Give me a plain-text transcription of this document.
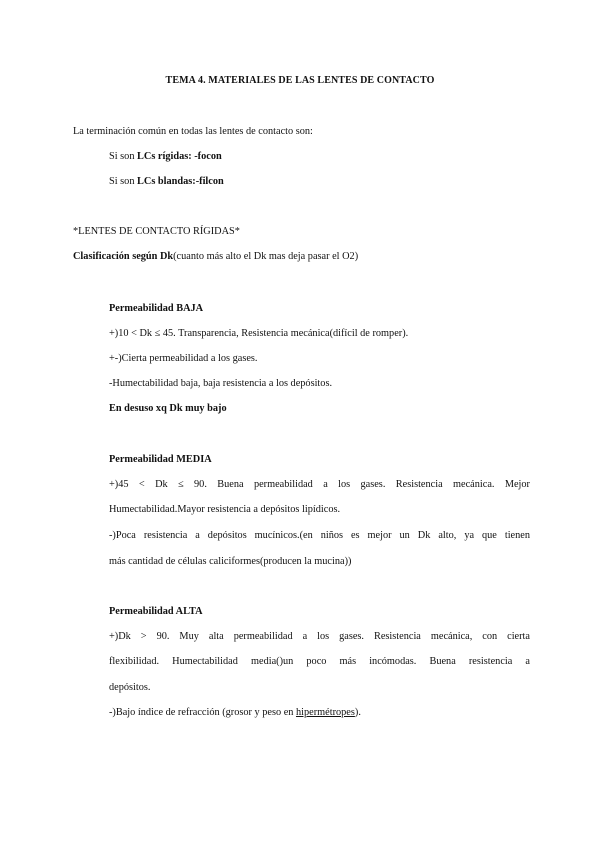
TEMA 4. MATERIALES DE LAS LENTES DE CONTACTO

La terminación común en todas las lentes de contacto son:

Si son LCs rígidas: -focon

Si son LCs blandas:-filcon

*LENTES DE CONTACTO RÍGIDAS*

Clasificación según Dk(cuanto más alto el Dk mas deja pasar el O2)

Permeabilidad BAJA

+)10 < Dk ≤ 45. Transparencia, Resistencia mecánica(difícil de romper).

+-)Cierta permeabilidad a los gases.

-Humectabilidad baja, baja resistencia a los depósitos.

En desuso xq Dk muy bajo

Permeabilidad MEDIA

+)45 < Dk ≤ 90. Buena permeabilidad a los gases. Resistencia mecánica. Mejor

Humectabilidad.Mayor resistencia a depósitos lipídicos.

-)Poca resistencia a depósitos mucínicos.(en niños es mejor un Dk alto, ya que tienen

más cantidad de células caliciformes(producen la mucina))

Permeabilidad ALTA

+)Dk > 90. Muy alta permeabilidad a los gases. Resistencia mecánica, con cierta

flexibilidad. Humectabilidad media()un poco más incómodas. Buena resistencia a

depósitos.

-)Bajo índice de refracción (grosor y peso en hipermétropes).
